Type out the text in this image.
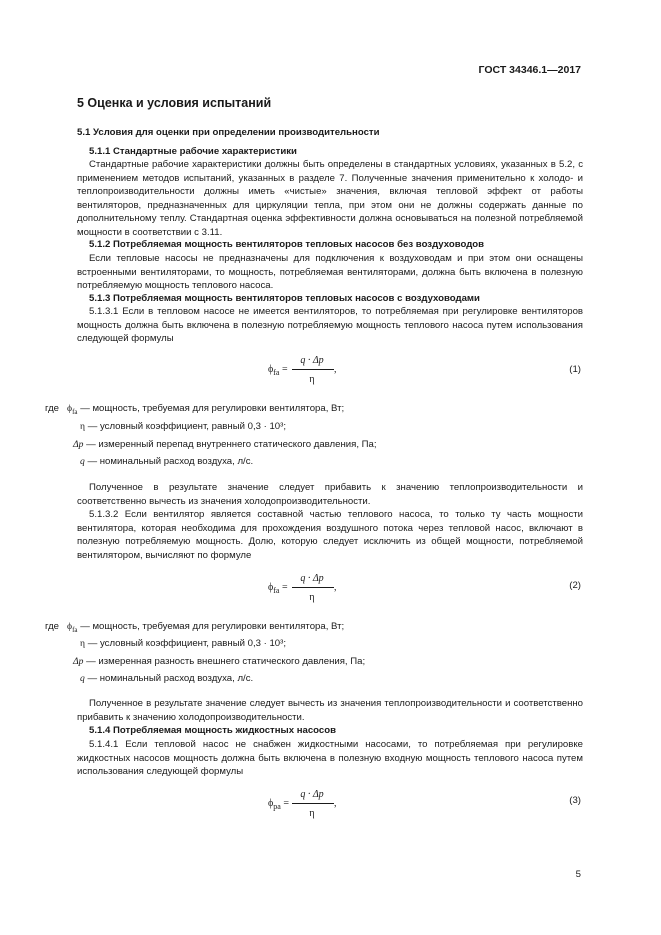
ГОСТ 34346.1—2017
5 Оценка и условия испытаний
5.1 Условия для оценки при определении производительности
5.1.1 Стандартные рабочие характеристики
Стандартные рабочие характеристики должны быть определены в стандартных условиях, указанных в 5.2, с применением методов испытаний, указанных в разделе 7. Полученные значения применительно к холодо- и теплопроизводительности должны иметь «чистые» значения, включая тепловой эффект от работы вентиляторов, предназначенных для циркуляции тепла, при этом они не должны содержать данные по дополнительному теплу. Стандартная оценка эффективности должна основываться на полезной потребляемой мощности в соответствии с 3.11.
5.1.2 Потребляемая мощность вентиляторов тепловых насосов без воздуховодов
Если тепловые насосы не предназначены для подключения к воздуховодам и при этом они оснащены встроенными вентиляторами, то мощность, потребляемая вентиляторами, должна быть включена в полезную потребляемую мощность теплового насоса.
5.1.3 Потребляемая мощность вентиляторов тепловых насосов с воздуховодами
5.1.3.1 Если в тепловом насосе не имеется вентиляторов, то потребляемая при регулировке вентиляторов мощность должна быть включена в полезную потребляемую мощность теплового насоса путем использования следующей формулы
$\phi_{fa}$ =
q · Δp
η
,	(1)
где $\phi_{fa}$ — мощность, требуемая для регулировки вентилятора, Вт;
η — условный коэффициент, равный 0,3 · 10³;
Δp — измеренный перепад внутреннего статического давления, Па;
q — номинальный расход воздуха, л/с.
Полученное в результате значение следует прибавить к значению теплопроизводительности и соответственно вычесть из значения холодопроизводительности.
5.1.3.2 Если вентилятор является составной частью теплового насоса, то только ту часть мощности вентилятора, которая необходима для прохождения воздушного потока через тепловой насос, включают в полезную потребляемую мощность. Долю, которую следует исключить из общей мощности, потребляемой вентилятором, вычисляют по формуле
$\phi_{fa}$ =
q · Δp
η
,	(2)
где $\phi_{fa}$ — мощность, требуемая для регулировки вентилятора, Вт;
η — условный коэффициент, равный 0,3 · 10³;
Δp — измеренная разность внешнего статического давления, Па;
q — номинальный расход воздуха, л/с.
Полученное в результате значение следует вычесть из значения теплопроизводительности и соответственно прибавить к значению холодопроизводительности.
5.1.4 Потребляемая мощность жидкостных насосов
5.1.4.1 Если тепловой насос не снабжен жидкостными насосами, то потребляемая при регулировке жидкостных насосов мощность должна быть включена в полезную входную мощность теплового насоса путем использования следующей формулы
$\phi_{pa}$ =
q · Δp
η
,	(3)
5
